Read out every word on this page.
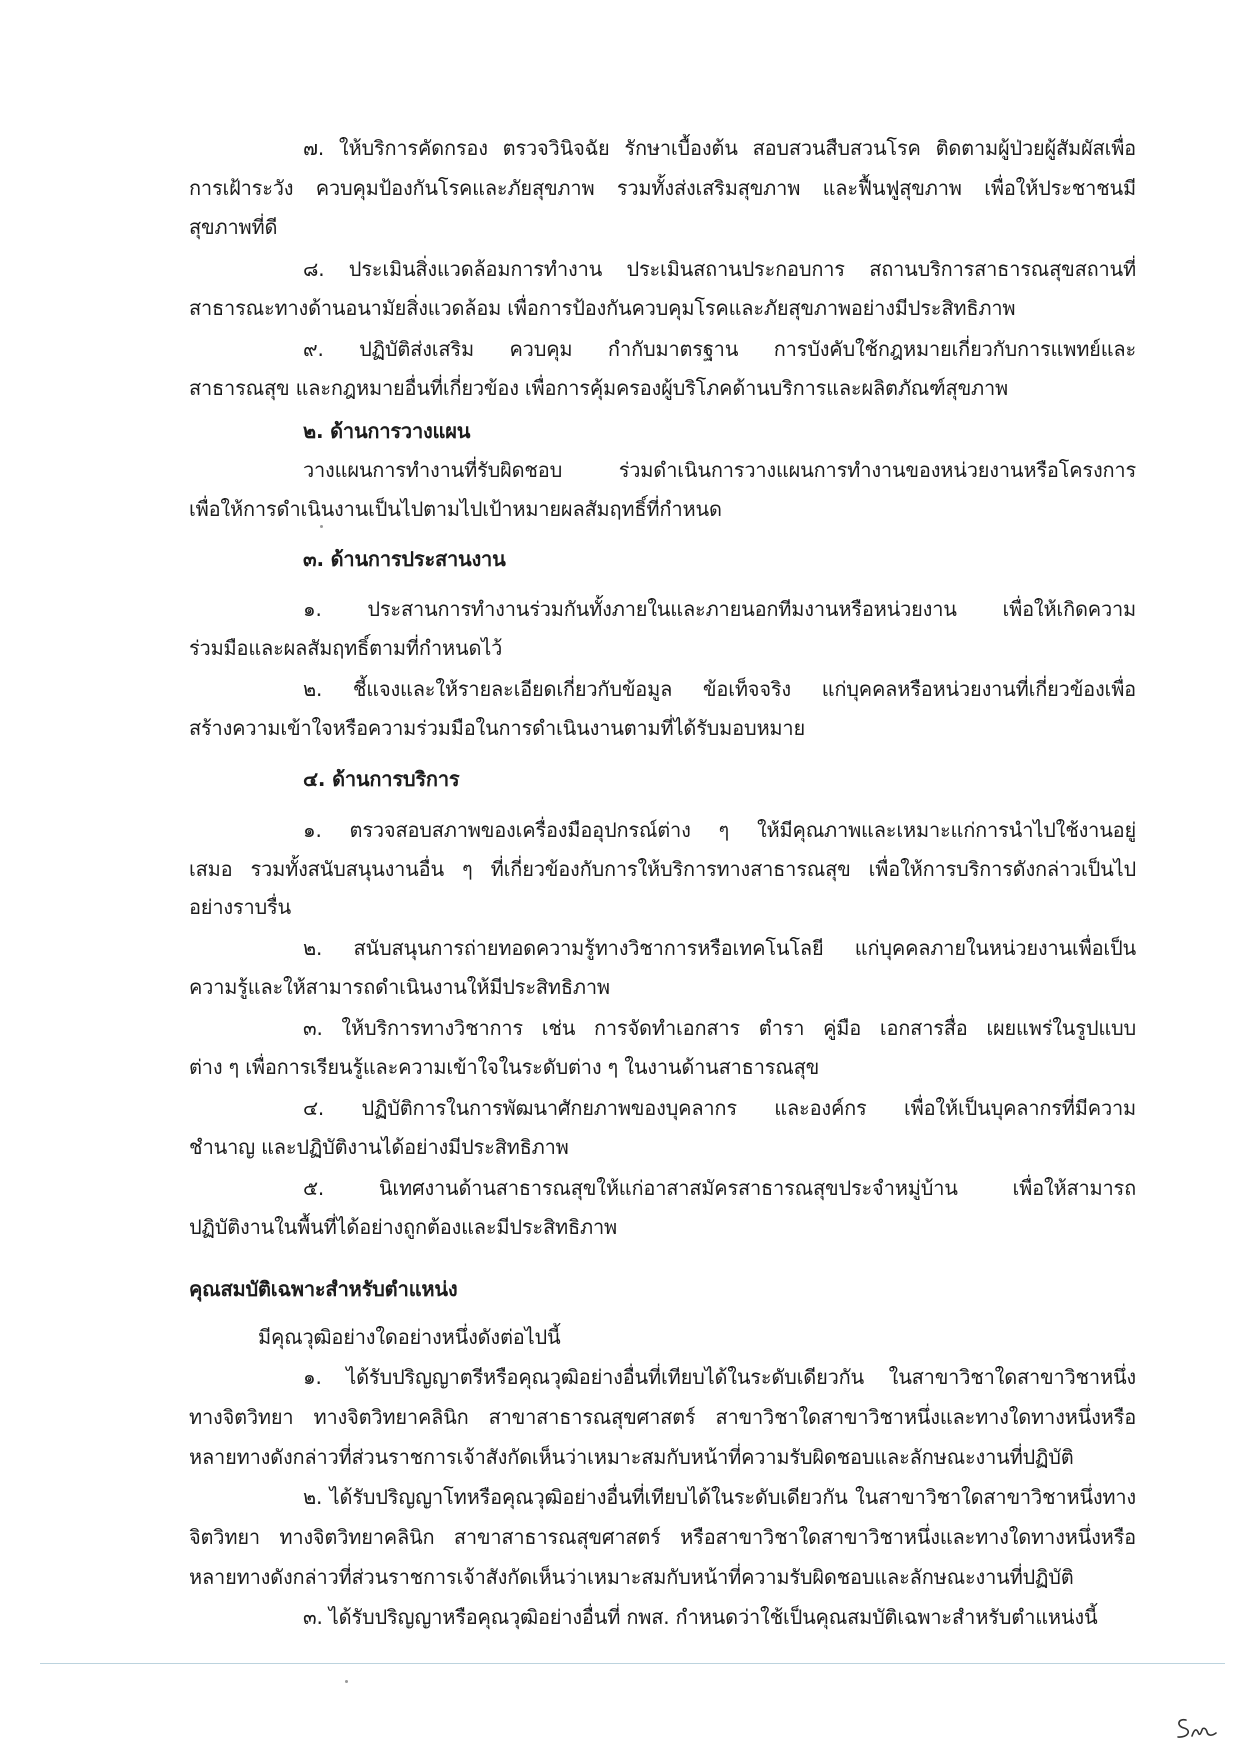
๗. ให้บริการคัดกรอง ตรวจวินิจฉัย รักษาเบื้องต้น สอบสวนสืบสวนโรค ติดตามผู้ป่วยผู้สัมผัสเพื่อ
การเฝ้าระวัง ควบคุมป้องกันโรคและภัยสุขภาพ รวมทั้งส่งเสริมสุขภาพ และฟื้นฟูสุขภาพ เพื่อให้ประชาชนมี
สุขภาพที่ดี
๘. ประเมินสิ่งแวดล้อมการทำงาน ประเมินสถานประกอบการ สถานบริการสาธารณสุขสถานที่
สาธารณะทางด้านอนามัยสิ่งแวดล้อม เพื่อการป้องกันควบคุมโรคและภัยสุขภาพอย่างมีประสิทธิภาพ
๙. ปฏิบัติส่งเสริม ควบคุม กำกับมาตรฐาน การบังคับใช้กฎหมายเกี่ยวกับการแพทย์และ
สาธารณสุข และกฎหมายอื่นที่เกี่ยวข้อง เพื่อการคุ้มครองผู้บริโภคด้านบริการและผลิตภัณฑ์สุขภาพ
๒. ด้านการวางแผน
วางแผนการทำงานที่รับผิดชอบ ร่วมดำเนินการวางแผนการทำงานของหน่วยงานหรือโครงการ
เพื่อให้การดำเนินงานเป็นไปตามไปเป้าหมายผลสัมฤทธิ์ที่กำหนด
๓. ด้านการประสานงาน
๑. ประสานการทำงานร่วมกันทั้งภายในและภายนอกทีมงานหรือหน่วยงาน เพื่อให้เกิดความ
ร่วมมือและผลสัมฤทธิ์ตามที่กำหนดไว้
๒. ชี้แจงและให้รายละเอียดเกี่ยวกับข้อมูล ข้อเท็จจริง แก่บุคคลหรือหน่วยงานที่เกี่ยวข้องเพื่อ
สร้างความเข้าใจหรือความร่วมมือในการดำเนินงานตามที่ได้รับมอบหมาย
๔. ด้านการบริการ
๑. ตรวจสอบสภาพของเครื่องมืออุปกรณ์ต่าง ๆ ให้มีคุณภาพและเหมาะแก่การนำไปใช้งานอยู่
เสมอ รวมทั้งสนับสนุนงานอื่น ๆ ที่เกี่ยวข้องกับการให้บริการทางสาธารณสุข เพื่อให้การบริการดังกล่าวเป็นไป
อย่างราบรื่น
๒. สนับสนุนการถ่ายทอดความรู้ทางวิชาการหรือเทคโนโลยี แก่บุคคลภายในหน่วยงานเพื่อเป็น
ความรู้และให้สามารถดำเนินงานให้มีประสิทธิภาพ
๓. ให้บริการทางวิชาการ เช่น การจัดทำเอกสาร ตำรา คู่มือ เอกสารสื่อ เผยแพร่ในรูปแบบ
ต่าง ๆ เพื่อการเรียนรู้และความเข้าใจในระดับต่าง ๆ ในงานด้านสาธารณสุข
๔. ปฏิบัติการในการพัฒนาศักยภาพของบุคลากร และองค์กร เพื่อให้เป็นบุคลากรที่มีความ
ชำนาญ และปฏิบัติงานได้อย่างมีประสิทธิภาพ
๕. นิเทศงานด้านสาธารณสุขให้แก่อาสาสมัครสาธารณสุขประจำหมู่บ้าน เพื่อให้สามารถ
ปฏิบัติงานในพื้นที่ได้อย่างถูกต้องและมีประสิทธิภาพ
คุณสมบัติเฉพาะสำหรับตำแหน่ง
มีคุณวุฒิอย่างใดอย่างหนึ่งดังต่อไปนี้
๑. ได้รับปริญญาตรีหรือคุณวุฒิอย่างอื่นที่เทียบได้ในระดับเดียวกัน ในสาขาวิชาใดสาขาวิชาหนึ่ง
ทางจิตวิทยา ทางจิตวิทยาคลินิก สาขาสาธารณสุขศาสตร์ สาขาวิชาใดสาขาวิชาหนึ่งและทางใดทางหนึ่งหรือ
หลายทางดังกล่าวที่ส่วนราชการเจ้าสังกัดเห็นว่าเหมาะสมกับหน้าที่ความรับผิดชอบและลักษณะงานที่ปฏิบัติ
๒. ได้รับปริญญาโทหรือคุณวุฒิอย่างอื่นที่เทียบได้ในระดับเดียวกัน ในสาขาวิชาใดสาขาวิชาหนึ่งทาง
จิตวิทยา ทางจิตวิทยาคลินิก สาขาสาธารณสุขศาสตร์ หรือสาขาวิชาใดสาขาวิชาหนึ่งและทางใดทางหนึ่งหรือ
หลายทางดังกล่าวที่ส่วนราชการเจ้าสังกัดเห็นว่าเหมาะสมกับหน้าที่ความรับผิดชอบและลักษณะงานที่ปฏิบัติ
๓. ได้รับปริญญาหรือคุณวุฒิอย่างอื่นที่ กพส. กำหนดว่าใช้เป็นคุณสมบัติเฉพาะสำหรับตำแหน่งนี้
